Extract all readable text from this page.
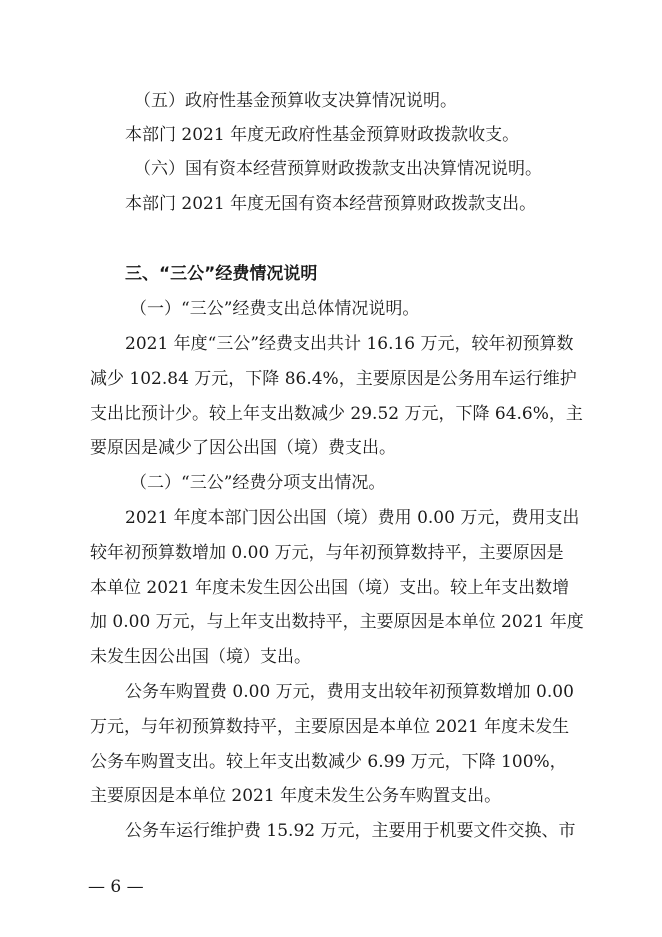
（五）政府性基金预算收支决算情况说明。
本部门 2021 年度无政府性基金预算财政拨款收支。
（六）国有资本经营预算财政拨款支出决算情况说明。
本部门 2021 年度无国有资本经营预算财政拨款支出。
三、“三公”经费情况说明
（一）“三公”经费支出总体情况说明。
2021 年度“三公”经费支出共计 16.16 万元，较年初预算数
减少 102.84 万元，下降 86.4%，主要原因是公务用车运行维护
支出比预计少。较上年支出数减少 29.52 万元，下降 64.6%，主
要原因是减少了因公出国（境）费支出。
（二）“三公”经费分项支出情况。
2021 年度本部门因公出国（境）费用 0.00 万元，费用支出
较年初预算数增加 0.00 万元，与年初预算数持平，主要原因是
本单位 2021 年度未发生因公出国（境）支出。较上年支出数增
加 0.00 万元，与上年支出数持平，主要原因是本单位 2021 年度
未发生因公出国（境）支出。
公务车购置费 0.00 万元，费用支出较年初预算数增加 0.00
万元，与年初预算数持平，主要原因是本单位 2021 年度未发生
公务车购置支出。较上年支出数减少 6.99 万元，下降 100%，
主要原因是本单位 2021 年度未发生公务车购置支出。
公务车运行维护费 15.92 万元，主要用于机要文件交换、市
— 6 —
